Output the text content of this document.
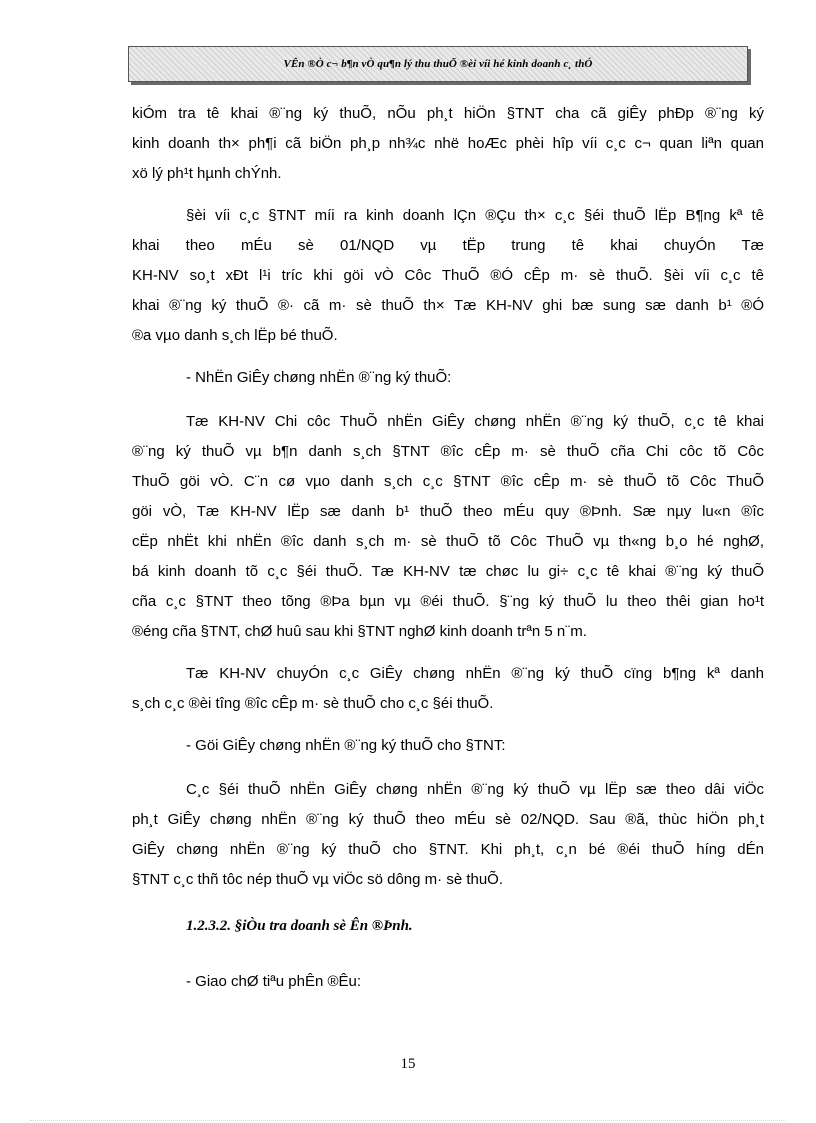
VÊn ®Ò c¬ b¶n vÒ qu¶n lý thu thuÕ ®èi víi hé kinh doanh c¸ thÓ
kiÓm tra tê khai ®¨ng ký thuÕ, nÕu ph¸t hiÖn §TNT cha cã giÊy phÐp ®¨ng ký
kinh doanh th× ph¶i cã biÖn ph¸p nh¾c nhë hoÆc phèi hîp víi c¸c c¬ quan liªn quan
xö lý ph¹t hµnh chÝnh.
§èi víi c¸c §TNT míi ra kinh doanh lÇn ®Çu th× c¸c §éi thuÕ lËp B¶ng kª tê
khai theo mÉu sè 01/NQD vµ tËp trung tê khai chuyÓn Tæ
KH-NV so¸t xÐt l¹i tríc khi göi vÒ Côc ThuÕ ®Ó cÊp m· sè thuÕ. §èi víi c¸c tê
khai ®¨ng ký thuÕ ®· cã m· sè thuÕ th× Tæ KH-NV ghi bæ sung sæ danh b¹ ®Ó
®a vµo danh s¸ch lËp bé thuÕ.
- NhËn GiÊy chøng nhËn ®¨ng ký thuÕ:
Tæ KH-NV Chi côc ThuÕ nhËn GiÊy chøng nhËn ®¨ng ký thuÕ, c¸c tê khai
®¨ng ký thuÕ vµ b¶n danh s¸ch §TNT ®îc cÊp m· sè thuÕ cña Chi côc tõ Côc
ThuÕ göi vÒ. C¨n cø vµo danh s¸ch c¸c §TNT ®îc cÊp m· sè thuÕ tõ Côc ThuÕ
göi vÒ, Tæ KH-NV lËp sæ danh b¹ thuÕ theo mÉu quy ®Þnh. Sæ nµy lu«n ®îc
cËp nhËt khi nhËn ®îc danh s¸ch m· sè thuÕ tõ Côc ThuÕ vµ th«ng b¸o hé nghØ,
bá kinh doanh tõ c¸c §éi thuÕ. Tæ KH-NV tæ chøc lu gi÷ c¸c tê khai ®¨ng ký thuÕ
cña c¸c §TNT theo tõng ®Þa bµn vµ ®éi thuÕ. §¨ng ký thuÕ lu theo thêi gian ho¹t
®éng cña §TNT, chØ huû sau khi §TNT nghØ kinh doanh trªn 5 n¨m.
Tæ KH-NV chuyÓn c¸c GiÊy chøng nhËn ®¨ng ký thuÕ cïng b¶ng kª danh
s¸ch c¸c ®èi tîng ®îc cÊp m· sè thuÕ cho c¸c §éi thuÕ.
- Göi GiÊy chøng nhËn ®¨ng ký thuÕ cho §TNT:
C¸c §éi thuÕ nhËn GiÊy chøng nhËn ®¨ng ký thuÕ vµ lËp sæ theo dâi viÖc
ph¸t GiÊy chøng nhËn ®¨ng ký thuÕ theo mÉu sè 02/NQD. Sau ®ã, thùc hiÖn ph¸t
GiÊy chøng nhËn ®¨ng ký thuÕ cho §TNT. Khi ph¸t, c¸n bé ®éi thuÕ híng dÉn
§TNT c¸c thñ tôc nép thuÕ vµ viÖc sö dông m· sè thuÕ.
1.2.3.2. §iÒu tra doanh sè Ên ®Þnh.
- Giao chØ tiªu phÊn ®Êu:
15
